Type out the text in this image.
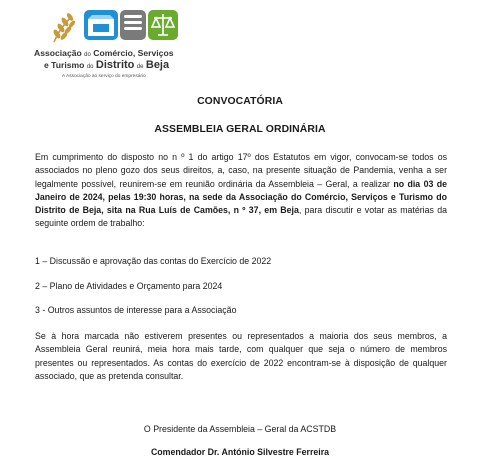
Associação do Comércio, Serviços
e Turismo do Distrito de Beja
A Associação ao serviço do empresário
CONVOCATÓRIA
ASSEMBLEIA GERAL ORDINÁRIA
Em cumprimento do disposto no n º 1 do artigo 17º dos Estatutos em vigor, convocam-se todos os associados no pleno gozo dos seus direitos, a, caso, na presente situação de Pandemia, venha a ser legalmente possível, reunirem-se em reunião ordinária da Assembleia – Geral, a realizar no dia 03 de Janeiro de 2024, pelas 19:30 horas, na sede da Associação do Comércio, Serviços e Turismo do Distrito de Beja, sita na Rua Luís de Camões, n º 37, em Beja, para discutir e votar as matérias da seguinte ordem de trabalho:
1 – Discussão e aprovação das contas do Exercício de 2022
2 – Plano de Atividades e Orçamento para 2024
3 - Outros assuntos de interesse para a Associação
Se à hora marcada não estiverem presentes ou representados a maioria dos seus membros, a Assembleia Geral reunirá, meia hora mais tarde, com qualquer que seja o número de membros presentes ou representados. As contas do exercício de 2022 encontram-se à disposição de qualquer associado, que as pretenda consultar.
O Presidente da Assembleia – Geral da ACSTDB
Comendador Dr. António Silvestre Ferreira
